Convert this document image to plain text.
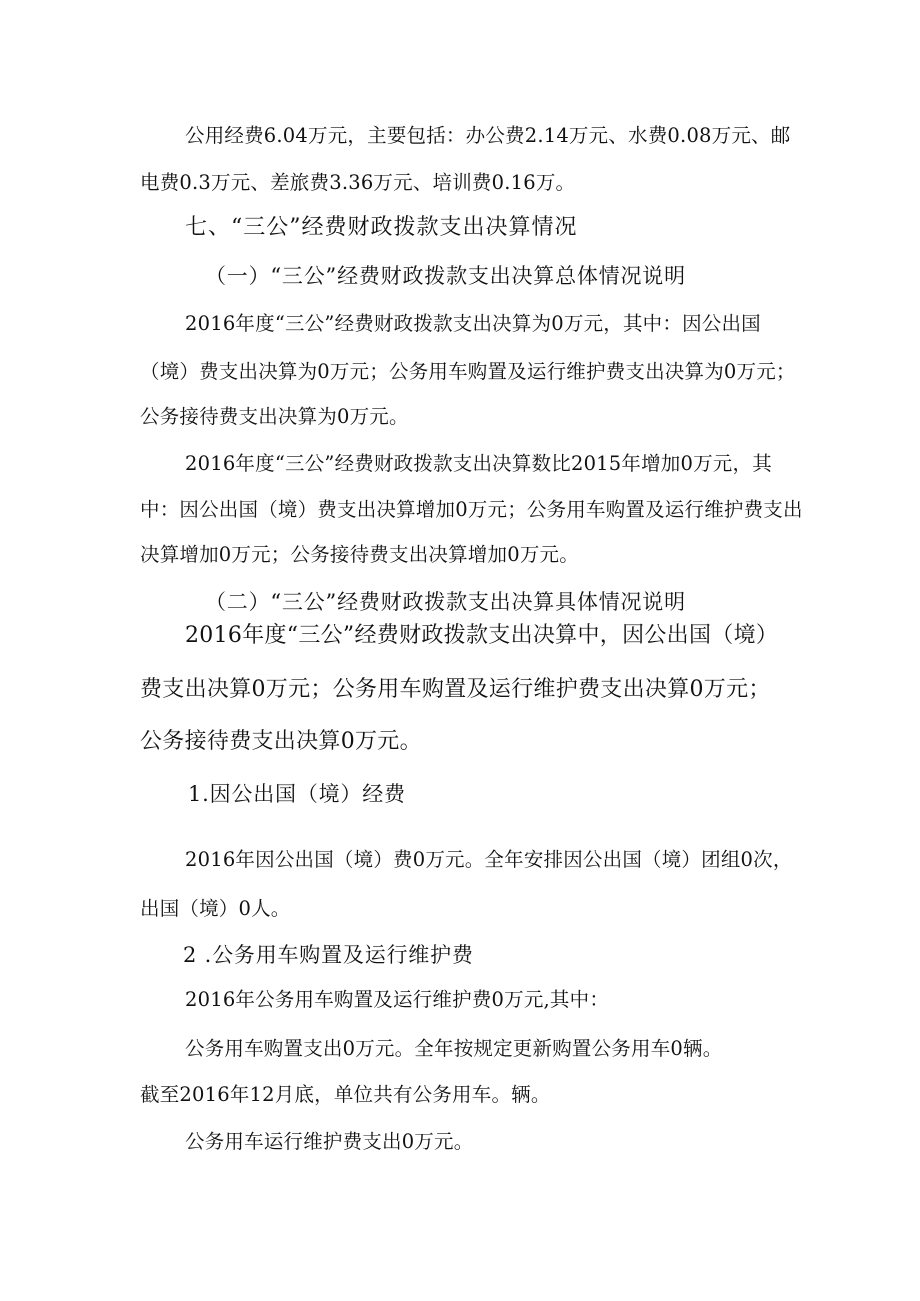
公用经费6.04万元，主要包括：办公费2.14万元、水费0.08万元、邮
电费0.3万元、差旅费3.36万元、培训费0.16万。
七、“三公”经费财政拨款支出决算情况
（一）“三公”经费财政拨款支出决算总体情况说明
2016年度“三公”经费财政拨款支出决算为0万元，其中：因公出国
（境）费支出决算为0万元；公务用车购置及运行维护费支出决算为0万元；
公务接待费支出决算为0万元。
2016年度“三公”经费财政拨款支出决算数比2015年增加0万元，其
中：因公出国（境）费支出决算增加0万元；公务用车购置及运行维护费支出
决算增加0万元；公务接待费支出决算增加0万元。
（二）“三公”经费财政拨款支出决算具体情况说明
2016年度“三公”经费财政拨款支出决算中，因公出国（境）
费支出决算0万元；公务用车购置及运行维护费支出决算0万元；
公务接待费支出决算0万元。
1.因公出国（境）经费
2016年因公出国（境）费0万元。全年安排因公出国（境）团组0次，
出国（境）0人。
2 .公务用车购置及运行维护费
2016年公务用车购置及运行维护费0万元,其中：
公务用车购置支出0万元。全年按规定更新购置公务用车0辆。
截至2016年12月底，单位共有公务用车。辆。
公务用车运行维护费支出0万元。
